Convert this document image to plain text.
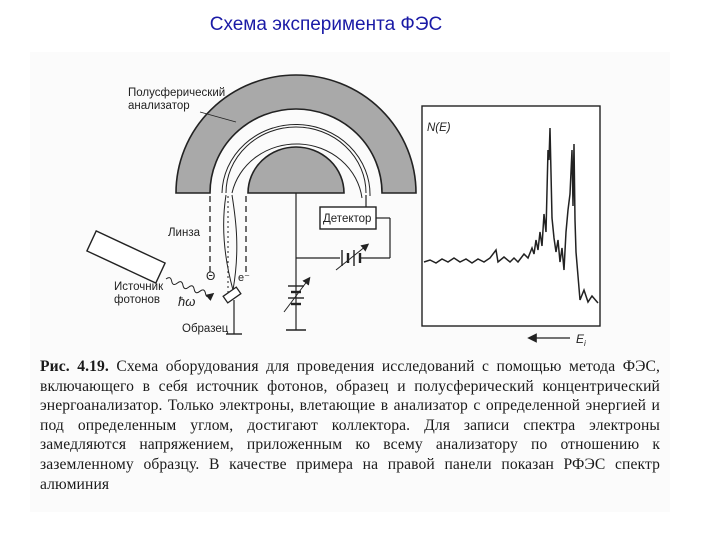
Схема эксперимента ФЭС
Полусферический
анализатор
Линза
Θ e⁻
Образец
Источник
фотонов ħω
Детектор
N(E)
$E_i$
Рис. 4.19. Схема оборудования для проведения исследований с помощью метода ФЭС, включающего в себя источник фотонов, образец и полусферический концентрический энергоанализатор. Только электроны, влетающие в анализатор с определенной энергией и под определенным углом, достигают коллектора. Для записи спектра электроны замедляются напряжением, приложенным ко всему анализатору по отношению к заземленному образцу. В качестве примера на правой панели показан РФЭС спектр алюминия
